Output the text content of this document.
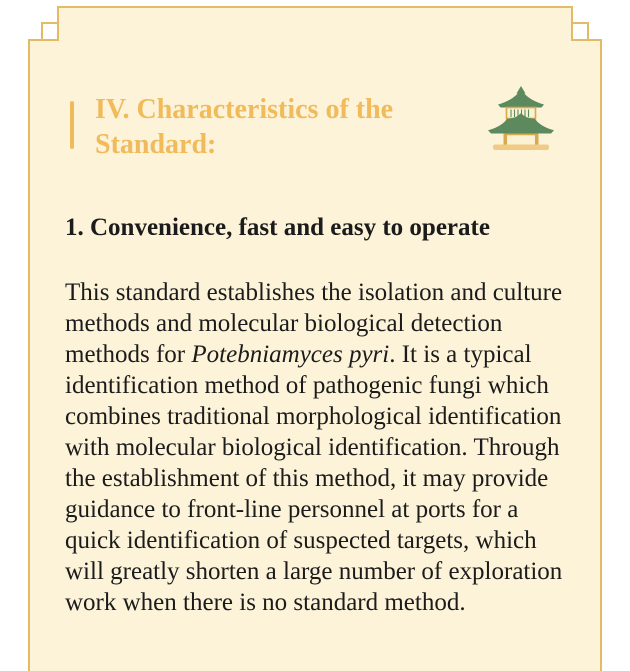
IV. Characteristics of the
Standard:
1. Convenience, fast and easy to operate
This standard establishes the isolation and culture
methods and molecular biological detection
methods for Potebniamyces pyri. It is a typical
identification method of pathogenic fungi which
combines traditional morphological identification
with molecular biological identification. Through
the establishment of this method, it may provide
guidance to front-line personnel at ports for a
quick identification of suspected targets, which
will greatly shorten a large number of exploration
work when there is no standard method.
